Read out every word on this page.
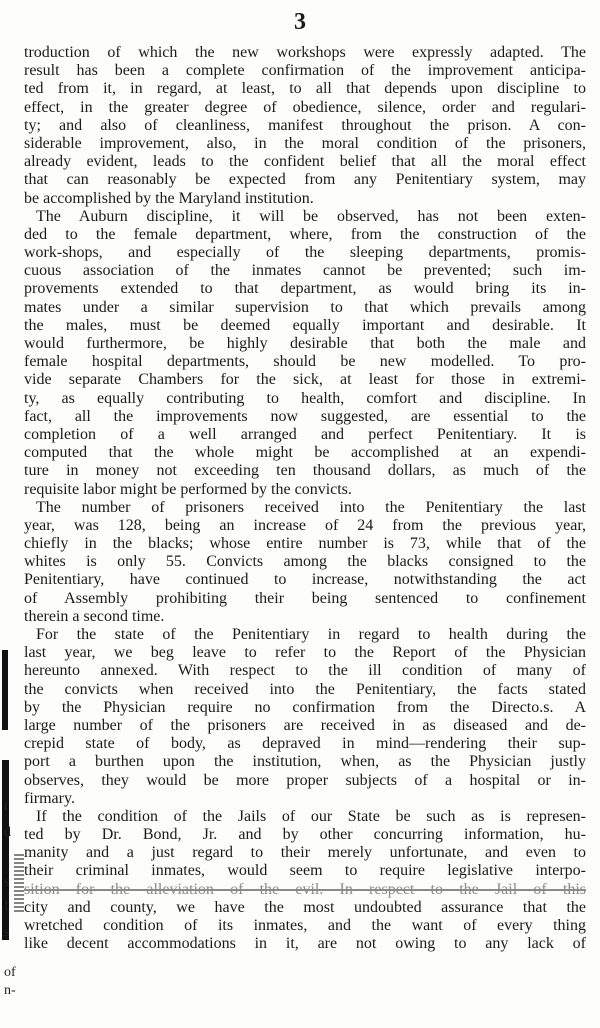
3
t
d
s
f
s
of
n-
troduction of which the new workshops were expressly adapted. The
result has been a complete confirmation of the improvement anticipa-
ted from it, in regard, at least, to all that depends upon discipline to
effect, in the greater degree of obedience, silence, order and regulari-
ty; and also of cleanliness, manifest throughout the prison. A con-
siderable improvement, also, in the moral condition of the prisoners,
already evident, leads to the confident belief that all the moral effect
that can reasonably be expected from any Penitentiary system, may
be accomplished by the Maryland institution.
The Auburn discipline, it will be observed, has not been exten-
ded to the female department, where, from the construction of the
work-shops, and especially of the sleeping departments, promis-
cuous association of the inmates cannot be prevented; such im-
provements extended to that department, as would bring its in-
mates under a similar supervision to that which prevails among
the males, must be deemed equally important and desirable. It
would furthermore, be highly desirable that both the male and
female hospital departments, should be new modelled. To pro-
vide separate Chambers for the sick, at least for those in extremi-
ty, as equally contributing to health, comfort and discipline. In
fact, all the improvements now suggested, are essential to the
completion of a well arranged and perfect Penitentiary. It is
computed that the whole might be accomplished at an expendi-
ture in money not exceeding ten thousand dollars, as much of the
requisite labor might be performed by the convicts.
The number of prisoners received into the Penitentiary the last
year, was 128, being an increase of 24 from the previous year,
chiefly in the blacks; whose entire number is 73, while that of the
whites is only 55. Convicts among the blacks consigned to the
Penitentiary, have continued to increase, notwithstanding the act
of Assembly prohibiting their being sentenced to confinement
therein a second time.
For the state of the Penitentiary in regard to health during the
last year, we beg leave to refer to the Report of the Physician
hereunto annexed. With respect to the ill condition of many of
the convicts when received into the Penitentiary, the facts stated
by the Physician require no confirmation from the Directo.s. A
large number of the prisoners are received in as diseased and de-
crepid state of body, as depraved in mind—rendering their sup-
port a burthen upon the institution, when, as the Physician justly
observes, they would be more proper subjects of a hospital or in-
firmary.
If the condition of the Jails of our State be such as is represen-
ted by Dr. Bond, Jr. and by other concurring information, hu-
manity and a just regard to their merely unfortunate, and even to
their criminal inmates, would seem to require legislative interpo-
sition for the alleviation of the evil. In respect to the Jail of this
city and county, we have the most undoubted assurance that the
wretched condition of its inmates, and the want of every thing
like decent accommodations in it, are not owing to any lack of
